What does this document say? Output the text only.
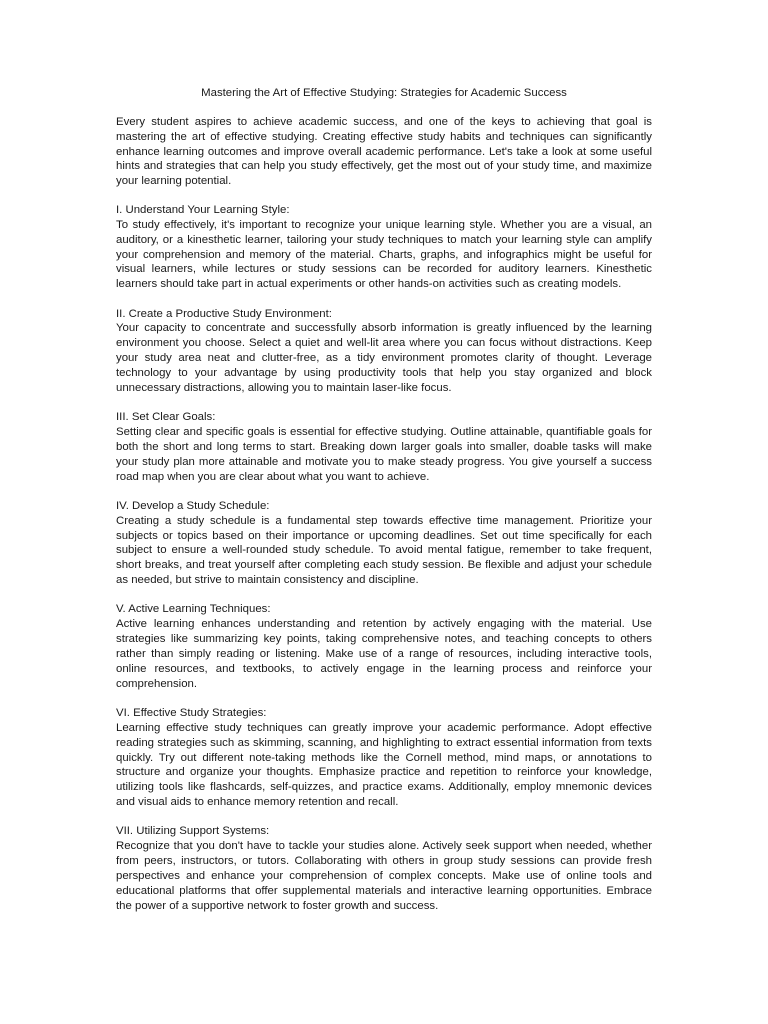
Mastering the Art of Effective Studying: Strategies for Academic Success

Every student aspires to achieve academic success, and one of the keys to achieving that goal is mastering the art of effective studying. Creating effective study habits and techniques can significantly enhance learning outcomes and improve overall academic performance. Let's take a look at some useful hints and strategies that can help you study effectively, get the most out of your study time, and maximize your learning potential.

I. Understand Your Learning Style:

To study effectively, it's important to recognize your unique learning style. Whether you are a visual, an auditory, or a kinesthetic learner, tailoring your study techniques to match your learning style can amplify your comprehension and memory of the material. Charts, graphs, and infographics might be useful for visual learners, while lectures or study sessions can be recorded for auditory learners. Kinesthetic learners should take part in actual experiments or other hands-on activities such as creating models.

II. Create a Productive Study Environment:

Your capacity to concentrate and successfully absorb information is greatly influenced by the learning environment you choose. Select a quiet and well-lit area where you can focus without distractions. Keep your study area neat and clutter-free, as a tidy environment promotes clarity of thought. Leverage technology to your advantage by using productivity tools that help you stay organized and block unnecessary distractions, allowing you to maintain laser-like focus.

III. Set Clear Goals:

Setting clear and specific goals is essential for effective studying. Outline attainable, quantifiable goals for both the short and long terms to start. Breaking down larger goals into smaller, doable tasks will make your study plan more attainable and motivate you to make steady progress. You give yourself a success road map when you are clear about what you want to achieve.

IV. Develop a Study Schedule:

Creating a study schedule is a fundamental step towards effective time management. Prioritize your subjects or topics based on their importance or upcoming deadlines. Set out time specifically for each subject to ensure a well-rounded study schedule. To avoid mental fatigue, remember to take frequent, short breaks, and treat yourself after completing each study session. Be flexible and adjust your schedule as needed, but strive to maintain consistency and discipline.

V. Active Learning Techniques:

Active learning enhances understanding and retention by actively engaging with the material. Use strategies like summarizing key points, taking comprehensive notes, and teaching concepts to others rather than simply reading or listening. Make use of a range of resources, including interactive tools, online resources, and textbooks, to actively engage in the learning process and reinforce your comprehension.

VI. Effective Study Strategies:

Learning effective study techniques can greatly improve your academic performance. Adopt effective reading strategies such as skimming, scanning, and highlighting to extract essential information from texts quickly. Try out different note-taking methods like the Cornell method, mind maps, or annotations to structure and organize your thoughts. Emphasize practice and repetition to reinforce your knowledge, utilizing tools like flashcards, self-quizzes, and practice exams. Additionally, employ mnemonic devices and visual aids to enhance memory retention and recall.

VII. Utilizing Support Systems:

Recognize that you don't have to tackle your studies alone. Actively seek support when needed, whether from peers, instructors, or tutors. Collaborating with others in group study sessions can provide fresh perspectives and enhance your comprehension of complex concepts. Make use of online tools and educational platforms that offer supplemental materials and interactive learning opportunities. Embrace the power of a supportive network to foster growth and success.
